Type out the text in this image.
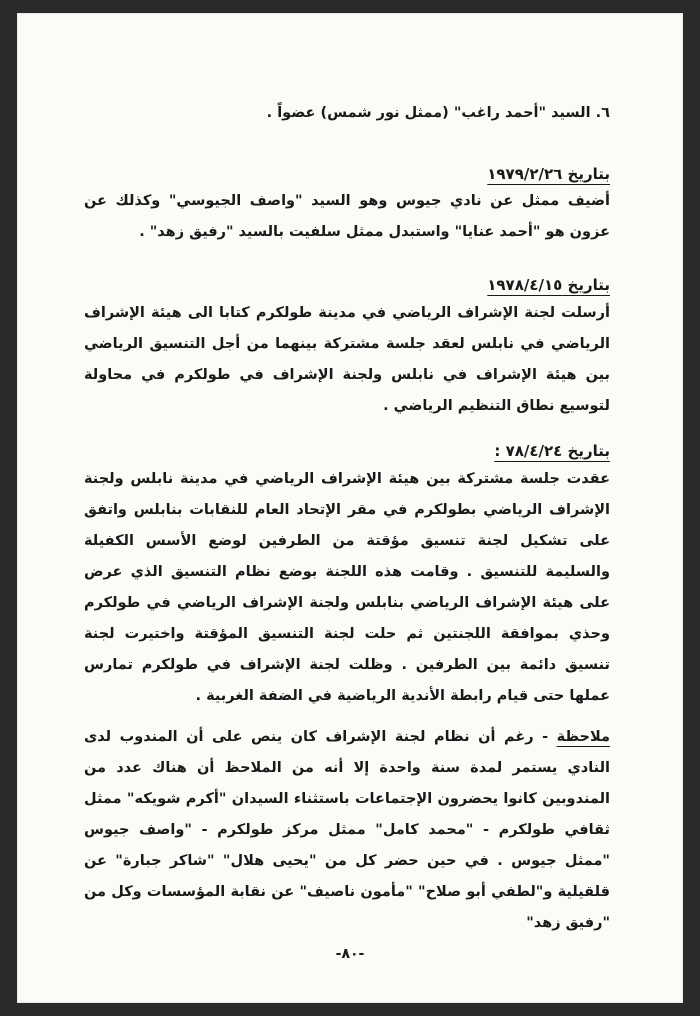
٦. السيد "أحمد راغب" (ممثل نور شمس) عضواً .
بتاريخ ١٩٧٩/٢/٢٦
أضيف ممثل عن نادي جيوس وهو السيد "واصف الجيوسي" وكذلك عن عزون هو "أحمد عنايا" واستبدل ممثل سلفيت بالسيد "رفيق زهد" .
بتاريخ ١٩٧٨/٤/١٥
أرسلت لجنة الإشراف الرياضي في مدينة طولكرم كتابا الى هيئة الإشراف الرياضي في نابلس لعقد جلسة مشتركة بينهما من أجل التنسيق الرياضي بين هيئة الإشراف في نابلس ولجنة الإشراف في طولكرم في محاولة لتوسيع نطاق التنظيم الرياضي .
بتاريخ ٧٨/٤/٢٤ :
عقدت جلسة مشتركة بين هيئة الإشراف الرياضي في مدينة نابلس ولجنة الإشراف الرياضي بطولكرم في مقر الإتحاد العام للنقابات بنابلس واتفق على تشكيل لجنة تنسيق مؤقتة من الطرفين لوضع الأسس الكفيلة والسليمة للتنسيق . وقامت هذه اللجنة بوضع نظام التنسيق الذي عرض على هيئة الإشراف الرياضي بنابلس ولجنة الإشراف الرياضي في طولكرم وحذي بموافقة اللجنتين ثم حلت لجنة التنسيق المؤقتة واختيرت لجنة تنسيق دائمة بين الطرفين . وظلت لجنة الإشراف في طولكرم تمارس عملها حتى قيام رابطة الأندية الرياضية في الضفة الغربية .
ملاحظة - رغم أن نظام لجنة الإشراف كان ينص على أن المندوب لدى النادي يستمر لمدة سنة واحدة إلا أنه من الملاحظ أن هناك عدد من المندوبين كانوا يحضرون الإجتماعات باستثناء السيدان "أكرم شويكه" ممثل ثقافي طولكرم - "محمد كامل" ممثل مركز طولكرم - "واصف جيوس "ممثل جيوس . في حين حضر كل من "يحيى هلال" "شاكر جبارة" عن قلقيلية و"لطفي أبو صلاح" "مأمون ناصيف" عن نقابة المؤسسات وكل من "رفيق زهد"
-٨٠-
